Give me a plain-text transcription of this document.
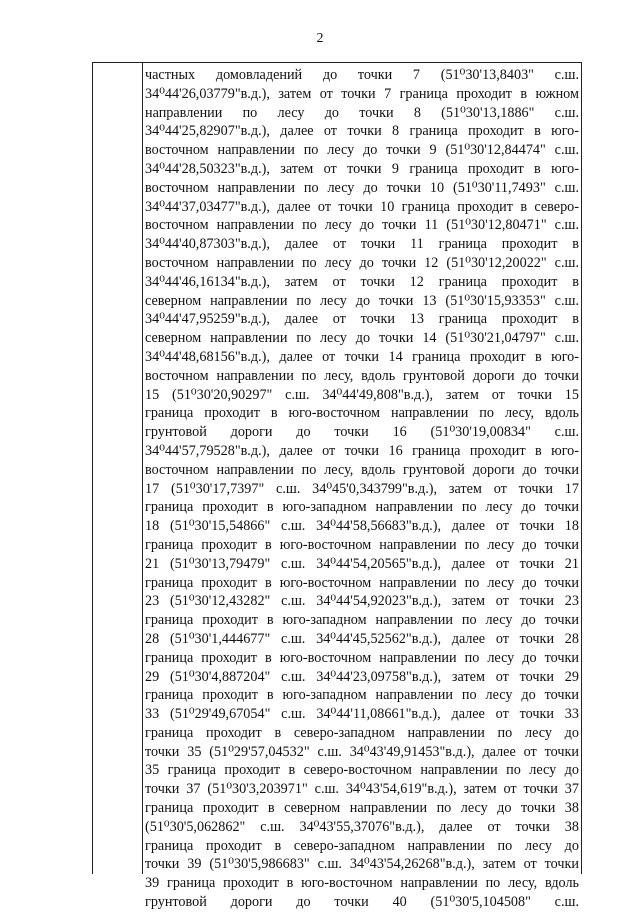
2
частных домовладений до точки 7 (51⁰30'13,8403" с.ш.
34⁰44'26,03779"в.д.), затем от точки 7 граница проходит в южном
направлении по лесу до точки 8 (51⁰30'13,1886" с.ш.
34⁰44'25,82907"в.д.), далее от точки 8 граница проходит в юго-
восточном направлении по лесу до точки 9 (51⁰30'12,84474" с.ш.
34⁰44'28,50323"в.д.), затем от точки 9 граница проходит в юго-
восточном направлении по лесу до точки 10 (51⁰30'11,7493" с.ш.
34⁰44'37,03477"в.д.), далее от точки 10 граница проходит в северо-
восточном направлении по лесу до точки 11 (51⁰30'12,80471" с.ш.
34⁰44'40,87303"в.д.), далее от точки 11 граница проходит в
восточном направлении по лесу до точки 12 (51⁰30'12,20022" с.ш.
34⁰44'46,16134"в.д.), затем от точки 12 граница проходит в
северном направлении по лесу до точки 13 (51⁰30'15,93353" с.ш.
34⁰44'47,95259"в.д.), далее от точки 13 граница проходит в
северном направлении по лесу до точки 14 (51⁰30'21,04797" с.ш.
34⁰44'48,68156"в.д.), далее от точки 14 граница проходит в юго-
восточном направлении по лесу, вдоль грунтовой дороги до точки
15 (51⁰30'20,90297" с.ш. 34⁰44'49,808"в.д.), затем от точки 15
граница проходит в юго-восточном направлении по лесу, вдоль
грунтовой дороги до точки 16 (51⁰30'19,00834" с.ш.
34⁰44'57,79528"в.д.), далее от точки 16 граница проходит в юго-
восточном направлении по лесу, вдоль грунтовой дороги до точки
17 (51⁰30'17,7397" с.ш. 34⁰45'0,343799"в.д.), затем от точки 17
граница проходит в юго-западном направлении по лесу до точки
18 (51⁰30'15,54866" с.ш. 34⁰44'58,56683"в.д.), далее от точки 18
граница проходит в юго-восточном направлении по лесу до точки
21 (51⁰30'13,79479" с.ш. 34⁰44'54,20565"в.д.), далее от точки 21
граница проходит в юго-восточном направлении по лесу до точки
23 (51⁰30'12,43282" с.ш. 34⁰44'54,92023"в.д.), затем от точки 23
граница проходит в юго-западном направлении по лесу до точки
28 (51⁰30'1,444677" с.ш. 34⁰44'45,52562"в.д.), далее от точки 28
граница проходит в юго-восточном направлении по лесу до точки
29 (51⁰30'4,887204" с.ш. 34⁰44'23,09758"в.д.), затем от точки 29
граница проходит в юго-западном направлении по лесу до точки
33 (51⁰29'49,67054" с.ш. 34⁰44'11,08661"в.д.), далее от точки 33
граница проходит в северо-западном направлении по лесу до
точки 35 (51⁰29'57,04532" с.ш. 34⁰43'49,91453"в.д.), далее от точки
35 граница проходит в северо-восточном направлении по лесу до
точки 37 (51⁰30'3,203971" с.ш. 34⁰43'54,619"в.д.), затем от точки 37
граница проходит в северном направлении по лесу до точки 38
(51⁰30'5,062862" с.ш. 34⁰43'55,37076"в.д.), далее от точки 38
граница проходит в северо-западном направлении по лесу до
точки 39 (51⁰30'5,986683" с.ш. 34⁰43'54,26268"в.д.), затем от точки
39 граница проходит в юго-восточном направлении по лесу, вдоль
грунтовой дороги до точки 40 (51⁰30'5,104508" с.ш.
